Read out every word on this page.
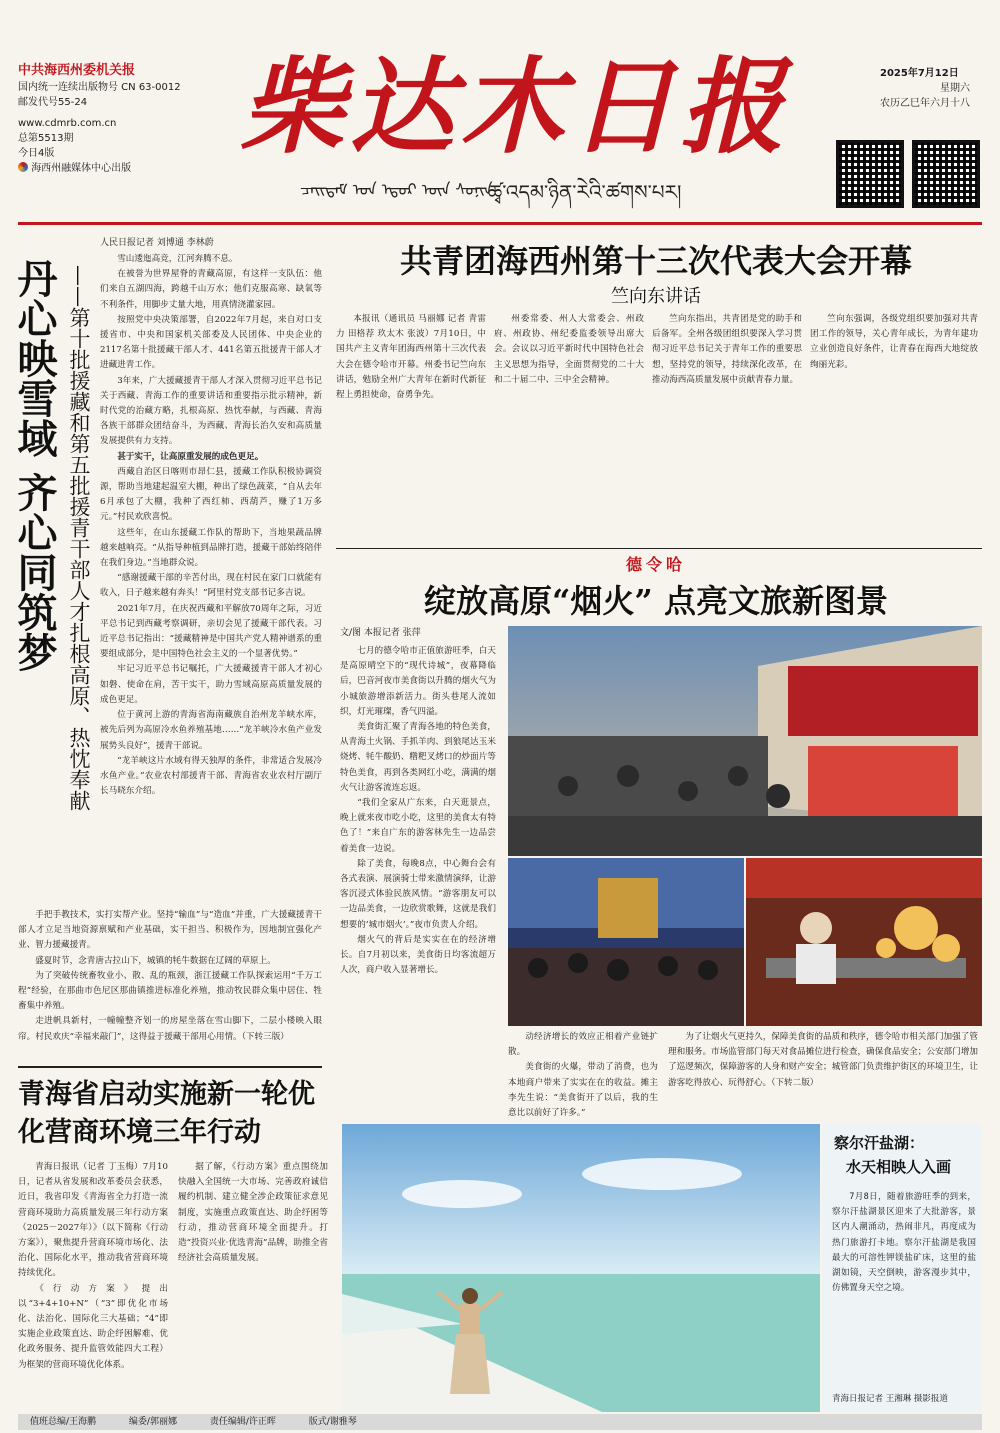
中共海西州委机关报
国内统一连续出版物号 CN 63-0012
邮发代号55-24
www.cdmrb.com.cn
总第5513期
今日4版
海西州融媒体中心出版
柴达木日报
ᠴᠠᠢᠳᠠᠮ ᠤᠨ ᠡᠳᠦᠷ ᠦᠨ ᠰᠣᠨᠢᠨ
ཚྭ་འདམ་ཉིན་རེའི་ཚགས་པར།
2025年7月12日
星期六
农历乙巳年六月十八
人民日报记者 刘博通 李林蔚
丹心映雪域 齐心同筑梦 ——第十批援藏和第五批援青干部人才扎根高原、热忱奉献

雪山逶迤高竞，江河奔腾不息。

在被誉为世界屋脊的青藏高原，有这样一支队伍：他们来自五湖四海，跨越千山万水；他们克服高寒、缺氧等不利条件，用脚步丈量大地，用真情浇灌家园。

按照党中央决策部署，自2022年7月起，来自对口支援省市、中央和国家机关部委及人民团体、中央企业的2117名第十批援藏干部人才、441名第五批援青干部人才进藏进青工作。

3年来，广大援藏援青干部人才深入贯彻习近平总书记关于西藏、青海工作的重要讲话和重要指示批示精神，新时代党的治藏方略，扎根高原、热忱奉献，与西藏、青海各族干部群众团结奋斗，为西藏、青海长治久安和高质量发展提供有力支持。

甚于实干，让高原重发展的成色更足。

西藏自治区日喀则市昂仁县，援藏工作队积极协调资源，帮助当地建起温室大棚，种出了绿色蔬菜，“自从去年6月承包了大棚，我种了西红柿、西葫芦，赚了1万多元。”村民欢欣喜悦。

这些年，在山东援藏工作队的帮助下，当地果蔬品牌越来越响亮。“从指导种植到品牌打造，援藏干部始终陪伴在我们身边。”当地群众说。

“感谢援藏干部的辛苦付出，现在村民在家门口就能有收入，日子越来越有奔头！”阿里村党支部书记多吉说。

2021年7月，在庆祝西藏和平解放70周年之际，习近平总书记到西藏考察调研，亲切会见了援藏干部代表。习近平总书记指出：“援藏精神是中国共产党人精神谱系的重要组成部分，是中国特色社会主义的一个显著优势。”

牢记习近平总书记嘱托，广大援藏援青干部人才初心如磐、使命在肩，苦干实干，助力雪域高原高质量发展的成色更足。

位于黄河上游的青海省海南藏族自治州龙羊峡水库，被先后列为高原冷水鱼养殖基地……“龙羊峡冷水鱼产业发展势头良好”，援青干部说。

“龙羊峡这片水域有得天独厚的条件，非常适合发展冷水鱼产业。”农业农村部援青干部、青海省农业农村厅副厅长马晓东介绍。

手把手教技术，实打实帮产业。坚持“输血”与“造血”并重，广大援藏援青干部人才立足当地资源禀赋和产业基础，实干担当、积极作为，因地制宜强化产业、智力援藏援青。

盛夏时节，念青唐古拉山下，城镇的牦牛数据在辽阔的草原上。

为了突破传统畜牧业小、散、乱的瓶颈，浙江援藏工作队探索运用“千万工程”经验，在那曲市色尼区那曲镇推进标准化养殖，推动牧民群众集中居住、牲畜集中养殖。

走进帆具新村，一幢幢整齐划一的房屋坐落在雪山脚下，二层小楼映入眼帘。村民欢庆“幸福来敲门”，这得益于援藏干部用心用情。（下转三版）

青海省启动实施新一轮优化营商环境三年行动

青海日报讯（记者 丁玉梅）7月10日，记者从省发展和改革委员会获悉，近日，我省印发《青海省全力打造一流营商环境助力高质量发展三年行动方案（2025－2027年）》（以下简称《行动方案》），聚焦提升营商环境市场化、法治化、国际化水平，推动我省营商环境持续优化。

《行动方案》提出以“3+4+10+N”（“3”即优化市场化、法治化、国际化三大基础；“4”即实施企业政策直达、助企纾困解难、优化政务服务、提升监管效能四大工程）为框架的营商环境优化体系。

据了解，《行动方案》重点围绕加快融入全国统一大市场、完善政府诚信履约机制、建立健全涉企政策征求意见制度，实施重点政策直达、助企纾困等行动，推动营商环境全面提升。打造“投资兴业·优选青海”品牌，助推全省经济社会高质量发展。

共青团海西州第十三次代表大会开幕
竺向东讲话

本报讯（通讯员 马丽娜 记者 青雷力 田格荐 玖太木 张波）7月10日，中国共产主义青年团海西州第十三次代表大会在德令哈市开幕。州委书记竺向东讲话，勉励全州广大青年在新时代新征程上勇担使命，奋勇争先。

州委常委、州人大常委会、州政府、州政协、州纪委监委领导出席大会。会议以习近平新时代中国特色社会主义思想为指导，全面贯彻党的二十大和二十届二中、三中全会精神。

竺向东指出，共青团是党的助手和后备军。全州各级团组织要深入学习贯彻习近平总书记关于青年工作的重要思想，坚持党的领导，持续深化改革，在推动海西高质量发展中贡献青春力量。

竺向东强调，各级党组织要加强对共青团工作的领导，关心青年成长，为青年建功立业创造良好条件，让青春在海西大地绽放绚丽光彩。

德令哈
绽放高原“烟火” 点亮文旅新图景
文/图 本报记者 张萍

七月的德令哈市正值旅游旺季，白天是高原晴空下的“现代诗城”，夜幕降临后，巴音河夜市美食街以升腾的烟火气为小城旅游增添新活力。街头巷尾人流如织，灯光璀璨，香气四溢。

美食街汇聚了青海各地的特色美食，从青海土火锅、手抓羊肉、到狼尾达玉米烧烤、牦牛酸奶、糌粑叉烤口的炒面片等特色美食，再到各类网红小吃，满满的烟火气让游客流连忘返。

“我们全家从广东来，白天逛景点，晚上就来夜市吃小吃，这里的美食太有特色了！”来自广东的游客林先生一边品尝着美食一边说。

除了美食，每晚8点，中心舞台会有各式表演、展演骑士带来激情演绎，让游客沉浸式体验民族风情。“游客朋友可以一边品美食，一边欣赏歌舞，这就是我们想要的‘城市烟火’。”夜市负责人介绍。

烟火气的背后是实实在在的经济增长。自7月初以来，美食街日均客流超万人次，商户收入显著增长。

动经济增长的效应正相着产业链扩散。

美食街的火爆，带动了消费，也为本地商户带来了实实在在的收益。摊主李先生说：“美食街开了以后，我的生意比以前好了许多。”

为了让烟火气更持久，保障美食街的品质和秩序，德令哈市相关部门加强了管理和服务。市场监管部门每天对食品摊位进行检查，确保食品安全；公安部门增加了巡逻频次，保障游客的人身和财产安全；城管部门负责维护街区的环境卫生，让游客吃得放心、玩得舒心。（下转二版）

察尔汗盐湖：
水天相映人入画

7月8日，随着旅游旺季的到来，察尔汗盐湖景区迎来了大批游客，景区内人潮涌动，热闹非凡，再度成为热门旅游打卡地。察尔汗盐湖是我国最大的可溶性钾镁盐矿床，这里的盐湖如镜，天空倒映，游客漫步其中，仿佛置身天空之境。

青海日报记者 王湘琳 摄影报道
值班总编/王海鹏	编委/郭丽娜	责任编辑/许正晖	版式/谢雅琴
